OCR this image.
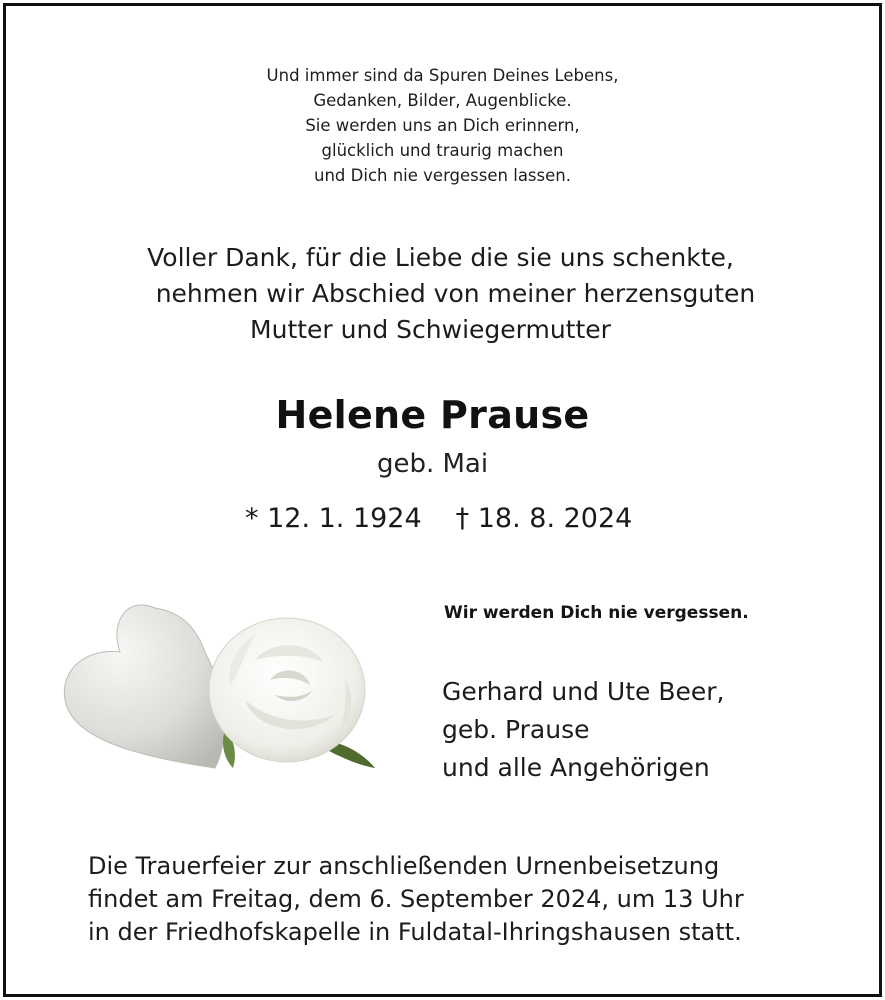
Und immer sind da Spuren Deines Lebens,
Gedanken, Bilder, Augenblicke.
Sie werden uns an Dich erinnern,
glücklich und traurig machen
und Dich nie vergessen lassen.
Voller Dank, für die Liebe die sie uns schenkte,
nehmen wir Abschied von meiner herzensguten
Mutter und Schwiegermutter
Helene Prause
geb. Mai
* 12. 1. 1924 † 18. 8. 2024
Wir werden Dich nie vergessen.
Gerhard und Ute Beer,
geb. Prause
und alle Angehörigen
Die Trauerfeier zur anschließenden Urnenbeisetzung
findet am Freitag, dem 6. September 2024, um 13 Uhr
in der Friedhofskapelle in Fuldatal-Ihringshausen statt.
